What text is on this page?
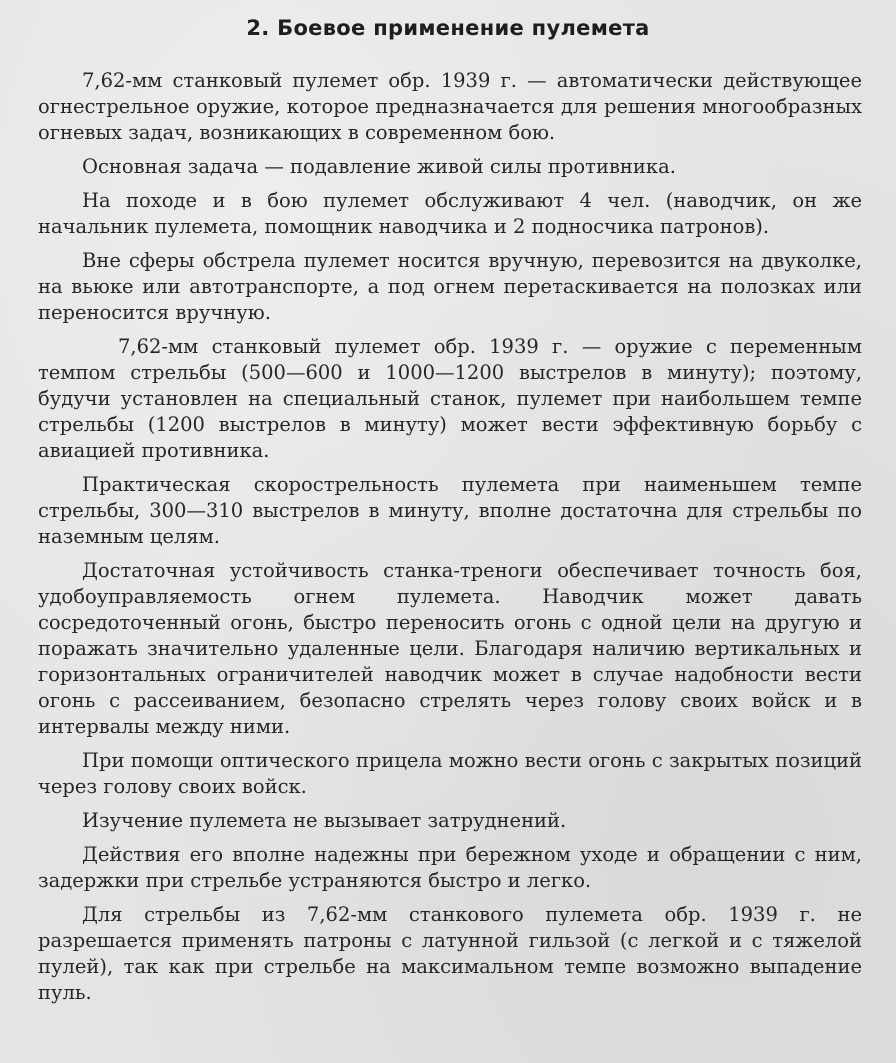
2. Боевое применение пулемета

7,62-мм станковый пулемет обр. 1939 г. — автоматически действующее огнестрельное оружие, которое предназначается для решения многообразных огневых задач, возникающих в современном бою.

Основная задача — подавление живой силы противника.

На походе и в бою пулемет обслуживают 4 чел. (наводчик, он же начальник пулемета, помощник наводчика и 2 подносчика патронов).

Вне сферы обстрела пулемет носится вручную, перевозится на двуколке, на вьюке или автотранспорте, а под огнем перетаскивается на полозках или переносится вручную.

7,62-мм станковый пулемет обр. 1939 г. — оружие с переменным темпом стрельбы (500—600 и 1000—1200 выстрелов в минуту); поэтому, будучи установлен на специальный станок, пулемет при наибольшем темпе стрельбы (1200 выстрелов в минуту) может вести эффективную борьбу с авиацией противника.

Практическая скорострельность пулемета при наименьшем темпе стрельбы, 300—310 выстрелов в минуту, вполне достаточна для стрельбы по наземным целям.

Достаточная устойчивость станка-треноги обеспечивает точность боя, удобоуправляемость огнем пулемета. Наводчик может давать сосредоточенный огонь, быстро переносить огонь с одной цели на другую и поражать значительно удаленные цели. Благодаря наличию вертикальных и горизонтальных ограничителей наводчик может в случае надобности вести огонь с рассеиванием, безопасно стрелять через голову своих войск и в интервалы между ними.

При помощи оптического прицела можно вести огонь с закрытых позиций через голову своих войск.

Изучение пулемета не вызывает затруднений.

Действия его вполне надежны при бережном уходе и обращении с ним, задержки при стрельбе устраняются быстро и легко.

Для стрельбы из 7,62-мм станкового пулемета обр. 1939 г. не разрешается применять патроны с латунной гильзой (с легкой и с тяжелой пулей), так как при стрельбе на максимальном темпе возможно выпадение пуль.
